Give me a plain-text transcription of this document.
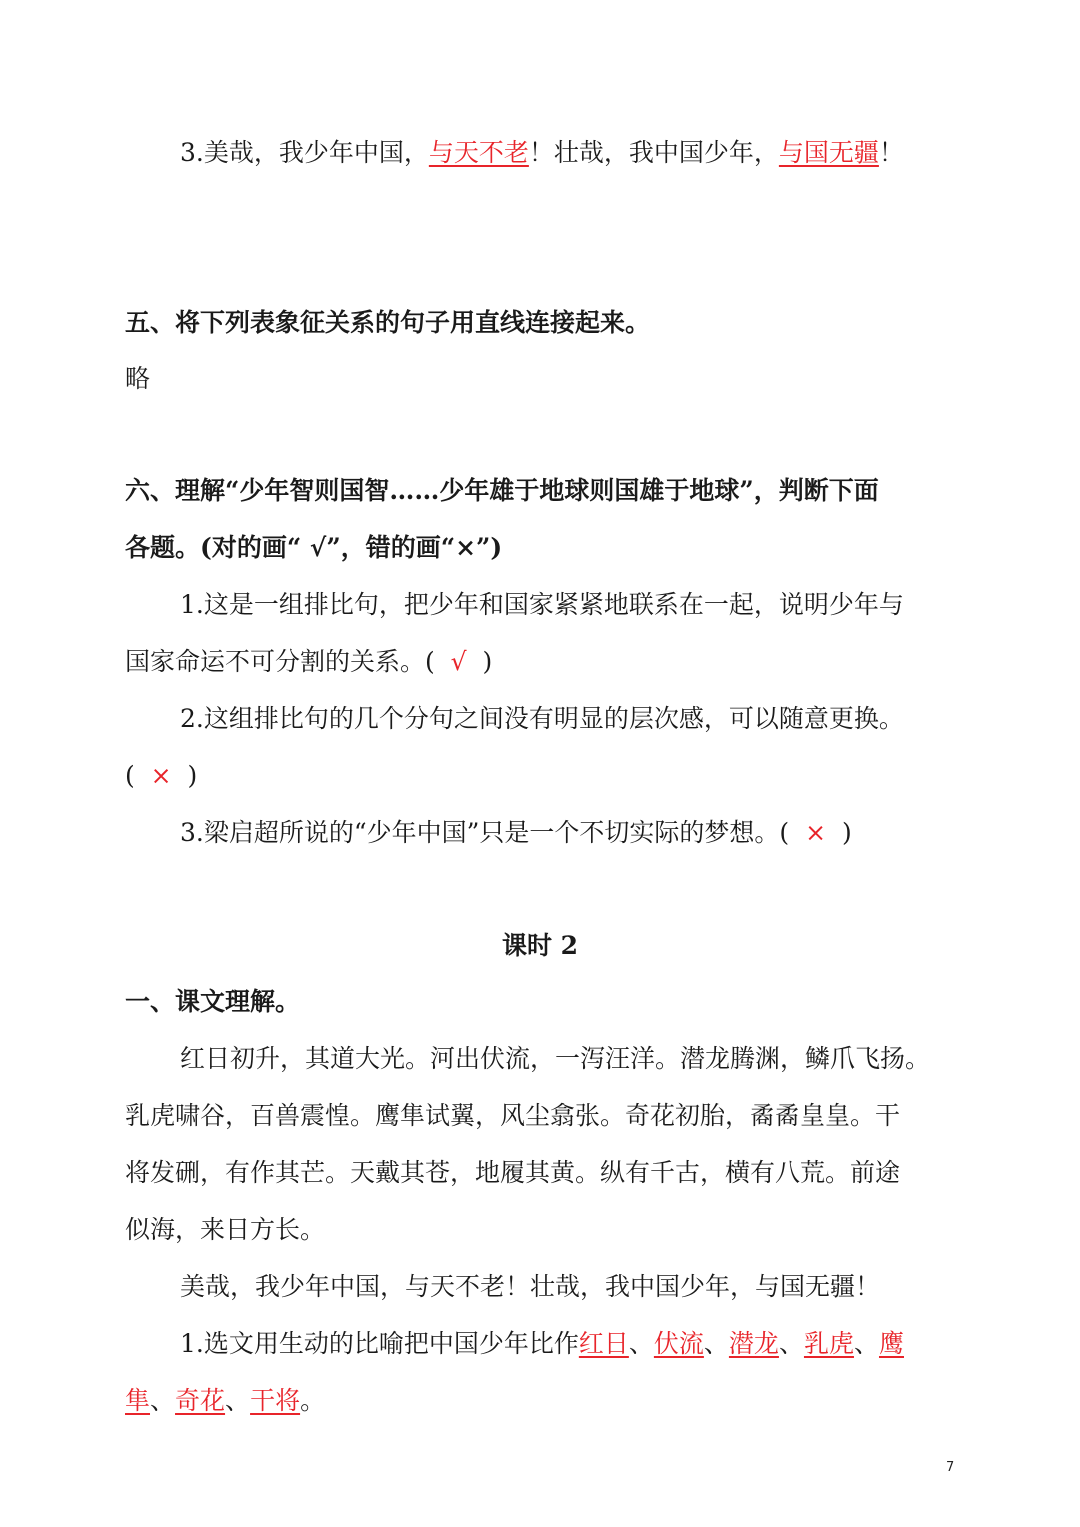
3.美哉，我少年中国，与天不老！壮哉，我中国少年，与国无疆！
五、将下列表象征关系的句子用直线连接起来。
略
六、理解“少年智则国智……少年雄于地球则国雄于地球”，判断下面
各题。(对的画“ √”，错的画“×”)
1.这是一组排比句，把少年和国家紧紧地联系在一起，说明少年与
国家命运不可分割的关系。( √ )
2.这组排比句的几个分句之间没有明显的层次感，可以随意更换。
( × )
3.梁启超所说的“少年中国”只是一个不切实际的梦想。( × )
课时 2
一、课文理解。
红日初升，其道大光。河出伏流，一泻汪洋。潜龙腾渊，鳞爪飞扬。
乳虎啸谷，百兽震惶。鹰隼试翼，风尘翕张。奇花初胎，矞矞皇皇。干
将发硎，有作其芒。天戴其苍，地履其黄。纵有千古，横有八荒。前途
似海，来日方长。
美哉，我少年中国，与天不老！壮哉，我中国少年，与国无疆！
1.选文用生动的比喻把中国少年比作红日、伏流、潜龙、乳虎、鹰
隼、奇花、干将。
7
